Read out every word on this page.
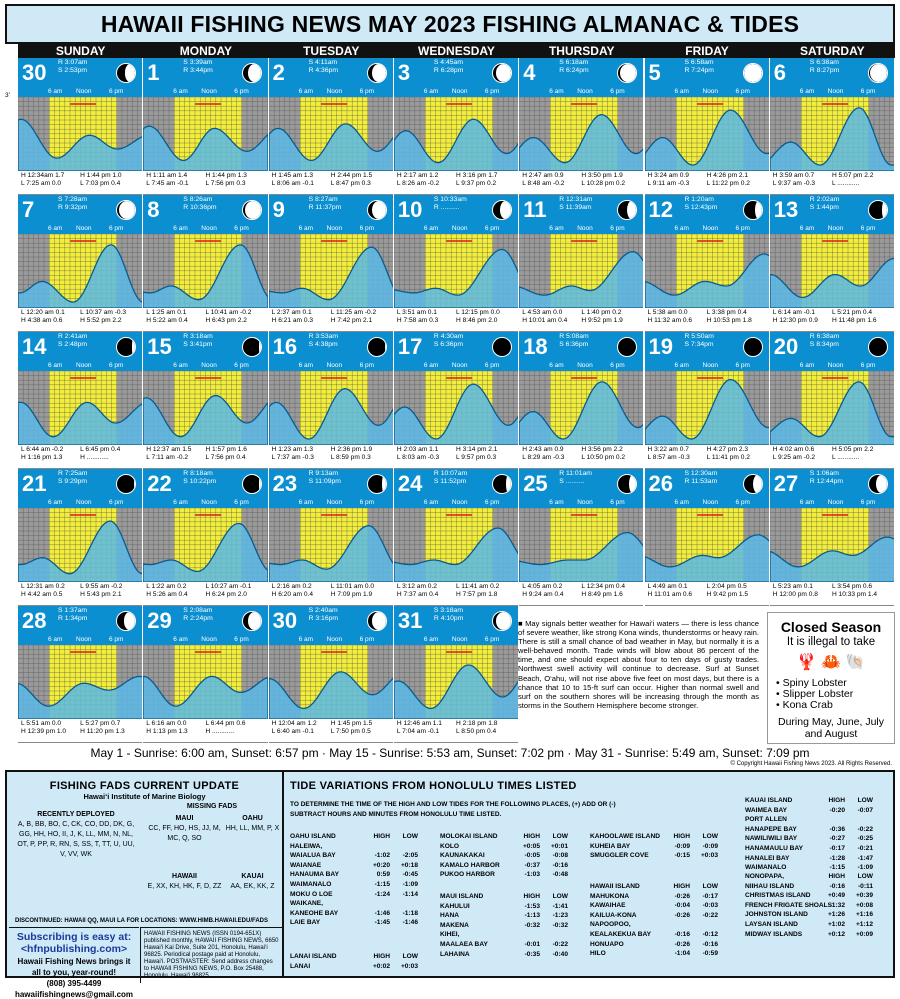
HAWAII FISHING NEWS MAY 2023 FISHING ALMANAC & TIDES
SUNDAY	MONDAY	TUESDAY	WEDNESDAY	THURSDAY	FRIDAY	SATURDAY
3'
30 R 3:07am
S 2:53pm
6 am Noon	6 pm
H 12:34am 1.7	H 1:44 pm 1.0
L 7:25 am 0.0	L 7:03 pm 0.4
1	S 3:39am
R 3:44pm
6 am Noon	6 pm
H 1:11 am 1.4	H 1:44 pm 1.3
L 7:45 am -0.1	L 7:56 pm 0.3
2	S 4:11am
R 4:36pm
6 am Noon	6 pm
H 1:45 am 1.3	H 2:44 pm 1.5
L 8:06 am -0.1	L 8:47 pm 0.3
3	S 4:45am
R 6:28pm
6 am Noon	6 pm
H 2:17 am 1.2	H 3:16 pm 1.7
L 8:26 am -0.2	L 9:37 pm 0.2
4	S 6:18am
R 6:24pm
6 am Noon	6 pm
H 2:47 am 0.9	H 3:50 pm 1.9
L 8:48 am -0.2	L 10:28 pm 0.2
5	S 6:58am
R 7:24pm
6 am Noon	6 pm
H 3:24 am 0.9	H 4:26 pm 2.1
L 9:11 am -0.3	L 11:22 pm 0.2
6	S 6:38am
R 8:27pm
6 am Noon	6 pm
H 3:59 am 0.7	H 5:07 pm 2.2
L 9:37 am -0.3	L ............
7	S 7:28am
R 9:32pm
6 am Noon	6 pm
L 12:20 am 0.1	L 10:37 am -0.3
H 4:38 am 0.6	H 5:52 pm 2.2
8	S 8:26am
R 10:36pm
6 am Noon	6 pm
L 1:25 am 0.1	L 10:41 am -0.2
H 5:22 am 0.4	H 6:43 pm 2.2
9	S 8:27am
R 11:37pm
6 am Noon	6 pm
L 2:37 am 0.1	L 11:25 am -0.2
H 6:21 am 0.3	H 7:42 pm 2.1
10 S 10:33am
R ..........
6 am Noon	6 pm
L 3:51 am 0.1	L 12:15 pm 0.0
H 7:58 am 0.3	H 8:46 pm 2.0
11 R 12:31am
S 11:39am
6 am Noon	6 pm
L 4:53 am 0.0	L 1:40 pm 0.2
H 10:01 am 0.4	H 9:52 pm 1.9
12 R 1:20am
S 12:43pm
6 am Noon	6 pm
L 5:38 am 0.0	L 3:38 pm 0.4
H 11:32 am 0.6	H 10:53 pm 1.8
13 R 2:02am
S 1:44pm
6 am Noon	6 pm
L 6:14 am -0.1	L 5:21 pm 0.4
H 12:30 pm 0.9	H 11:48 pm 1.6
14 R 2:41am
S 2:48pm
6 am Noon	6 pm
L 6:44 am -0.2	L 6:45 pm 0.4
H 1:16 pm 1.3	H ............
15 R 3:18am
S 3:41pm
6 am Noon	6 pm
H 12:37 am 1.5	H 1:57 pm 1.6
L 7:11 am -0.2	L 7:56 pm 0.4
16 R 3:53am
S 4:38pm
6 am Noon	6 pm
H 1:23 am 1.3	H 2:36 pm 1.9
L 7:37 am -0.3	L 8:59 pm 0.3
17 R 4:30am
S 6:36pm
6 am Noon	6 pm
H 2:03 am 1.1	H 3:14 pm 2.1
L 8:03 am -0.3	L 9:57 pm 0.3
18 R 5:08am
S 6:36pm
6 am Noon	6 pm
H 2:43 am 0.9	H 3:56 pm 2.2
L 8:29 am -0.3	L 10:50 pm 0.2
19 R 5:50am
S 7:34pm
6 am Noon	6 pm
H 3:22 am 0.7	H 4:27 pm 2.3
L 8:57 am -0.3	L 11:41 pm 0.2
20 R 6:38am
S 8:34pm
6 am Noon	6 pm
H 4:02 am 0.6	H 5:05 pm 2.2
L 9:25 am -0.2	L ............
21 R 7:25am
S 9:29pm
6 am Noon	6 pm
L 12:31 am 0.2	L 9:55 am -0.2
H 4:42 am 0.5	H 5:43 pm 2.1
22 R 8:18am
S 10:22pm
6 am Noon	6 pm
L 1:22 am 0.2	L 10:27 am -0.1
H 5:26 am 0.4	H 6:24 pm 2.0
23 R 9:13am
S 11:09pm
6 am Noon	6 pm
L 2:16 am 0.2	L 11:01 am 0.0
H 6:20 am 0.4	H 7:09 pm 1.9
24 R 10:07am
S 11:52pm
6 am Noon	6 pm
L 3:12 am 0.2	L 11:41 am 0.2
H 7:37 am 0.4	H 7:57 pm 1.8
25 R 11:01am
S ..........
6 am Noon	6 pm
L 4:05 am 0.2	L 12:34 pm 0.4
H 9:24 am 0.4	H 8:49 pm 1.6
26 S 12:30am
R 11:53am
6 am Noon	6 pm
L 4:49 am 0.1	L 2:04 pm 0.5
H 11:01 am 0.6	H 9:42 pm 1.5
27 S 1:06am
R 12:44pm
6 am Noon	6 pm
L 5:23 am 0.1	L 3:54 pm 0.6
H 12:00 pm 0.8	H 10:33 pm 1.4
28 S 1:37am
R 1:34pm
6 am Noon	6 pm
L 5:51 am 0.0	L 5:27 pm 0.7
H 12:39 pm 1.0	H 11:20 pm 1.3
29 S 2:08am
R 2:24pm
6 am Noon	6 pm
L 6:16 am 0.0	L 6:44 pm 0.6
H 1:13 pm 1.3	H ............
30 S 2:40am
R 3:16pm
6 am Noon	6 pm
H 12:04 am 1.2	H 1:45 pm 1.5
L 6:40 am -0.1	L 7:50 pm 0.5
31 S 3:18am
R 4:10pm
6 am Noon	6 pm
H 12:46 am 1.1	H 2:18 pm 1.8
L 7:04 am -0.1	L 8:50 pm 0.4
■ May signals better weather for Hawai‘i waters — there is less chance of severe weather, like strong Kona winds, thunderstorms or heavy rain. There is still a small chance of bad weather in May, but normally it is a well-behaved month. Trade winds will blow about 86 percent of the time, and one should expect about four to ten days of gusty trades. Northwest swell activity will continue to decrease. Surf at Sunset Beach, O‘ahu, will not rise above five feet on most days, but there is a chance that 10 to 15-ft surf can occur. Higher than normal swell and surf on the southern shores will be increasing through the month as storms in the Southern Hemisphere become stronger.
Closed Season
It is illegal to take
🦞 🦀 🐚
• Spiny Lobster
• Slipper Lobster
• Kona Crab
During May, June, July and August
May 1 - Sunrise: 6:00 am, Sunset: 6:57 pm · May 15 - Sunrise: 5:53 am, Sunset: 7:02 pm · May 31 - Sunrise: 5:49 am, Sunset: 7:09 pm
© Copyright Hawaii Fishing News 2023. All Rights Reserved.
FISHING FADS CURRENT UPDATE
Hawai‘i Institute of Marine Biology
RECENTLY DEPLOYED
A, B, BB, BO, C, CK, CO, DD, DK, G, GG, HH, HO, II, J, K, LL, MM, N, NL, OT, P, PP, R, RN, S, SS, T, TT, U, UU, V, VV, WK
MISSING FADS
MAUI
CC, FF, HO, HS, JJ, M, MC, Q, SO
OAHU
HH, LL, MM, P, X
HAWAII
E, XX, KH, HK, F, D, ZZ
KAUAI
AA, EK, KK, Z
DISCONTINUED: HAWAII QQ, MAUI LA FOR LOCATIONS: WWW.HIMB.HAWAII.EDU/FADS
Subscribing is easy at:
<hfnpublishing.com>
Hawaii Fishing News brings it
all to you, year-round!
(808) 395-4499
hawaiifishingnews@gmail.com
HAWAII FISHING NEWS (ISSN 0194-651X) published monthly, HAWAII FISHING NEWS, 6650 Hawai‘i Kai Drive, Suite 201, Honolulu, Hawai‘i 96825. Periodical postage paid at Honolulu, Hawai‘i. POSTMASTER: Send address changes to HAWAII FISHING NEWS, P.O. Box 25488, Honolulu, Hawai‘i 96825.
TIDE VARIATIONS FROM HONOLULU TIMES LISTED
TO DETERMINE THE TIME OF THE HIGH AND LOW TIDES FOR THE FOLLOWING PLACES, (+) ADD OR (-) SUBTRACT HOURS AND MINUTES FROM HONOLULU TIME LISTED.
OAHU ISLAND	HIGH	LOW
HALEIWA,
WAIALUA BAY	-1:02	-2:05
WAIANAE	+0:20	+0:18
HANAUMA BAY	0:59	-0:45
WAIMANALO	-1:15	-1:09
MOKU O LOE	-1:24	-1:14
WAIKANE,
KANEOHE BAY	-1:46	-1:18
LAIE BAY	-1:45	-1:46
LANAI ISLAND	HIGH	LOW
LANAI	+0:02	+0:03
MOLOKAI ISLAND	HIGH	LOW
KOLO	+0:05	+0:01
KAUNAKAKAI	-0:05	-0:08
KAMALO HARBOR	-0:37	-0:16
PUKOO HARBOR	-1:03	-0:48
MAUI ISLAND	HIGH	LOW
KAHULUI	-1:53	-1:41
HANA	-1:13	-1:23
MAKENA	-0:32	-0:32
KIHEI,
MAALAEA BAY	-0:01	-0:22
LAHAINA	-0:35	-0:40
KAHOOLAWE ISLAND	HIGH	LOW
KUHEIA BAY	-0:09	-0:09
SMUGGLER COVE	-0:15	+0:03
HAWAII ISLAND	HIGH	LOW
MAHUKONA	-0:26	-0:17
KAWAIHAE	-0:04	-0:03
KAILUA-KONA	-0:26	-0:22
NAPOOPOO,
KEALAKEKUA BAY	-0:16	-0:12
HONUAPO	-0:26	-0:16
HILO	-1:04	-0:59
KAUAI ISLAND	HIGH	LOW
WAIMEA BAY	-0:20	-0:07
PORT ALLEN
HANAPEPE BAY	-0:36	-0:22
NAWILIWILI BAY	-0:27	-0:25
HANAMAULU BAY	-0:17	-0:21
HANALEI BAY	-1:28	-1:47
WAIMANALO	-1:15	-1:09
NONOPAPA,	HIGH	LOW
NIIHAU ISLAND	-0:16	-0:11
CHRISTMAS ISLAND	+0:49	+0:39
FRENCH FRIGATE SHOALS
-1:32	+0:08
JOHNSTON ISLAND	+1:26	+1:16
LAYSAN ISLAND	+1:02	+1:12
MIDWAY ISLANDS	+0:12	+0:09
